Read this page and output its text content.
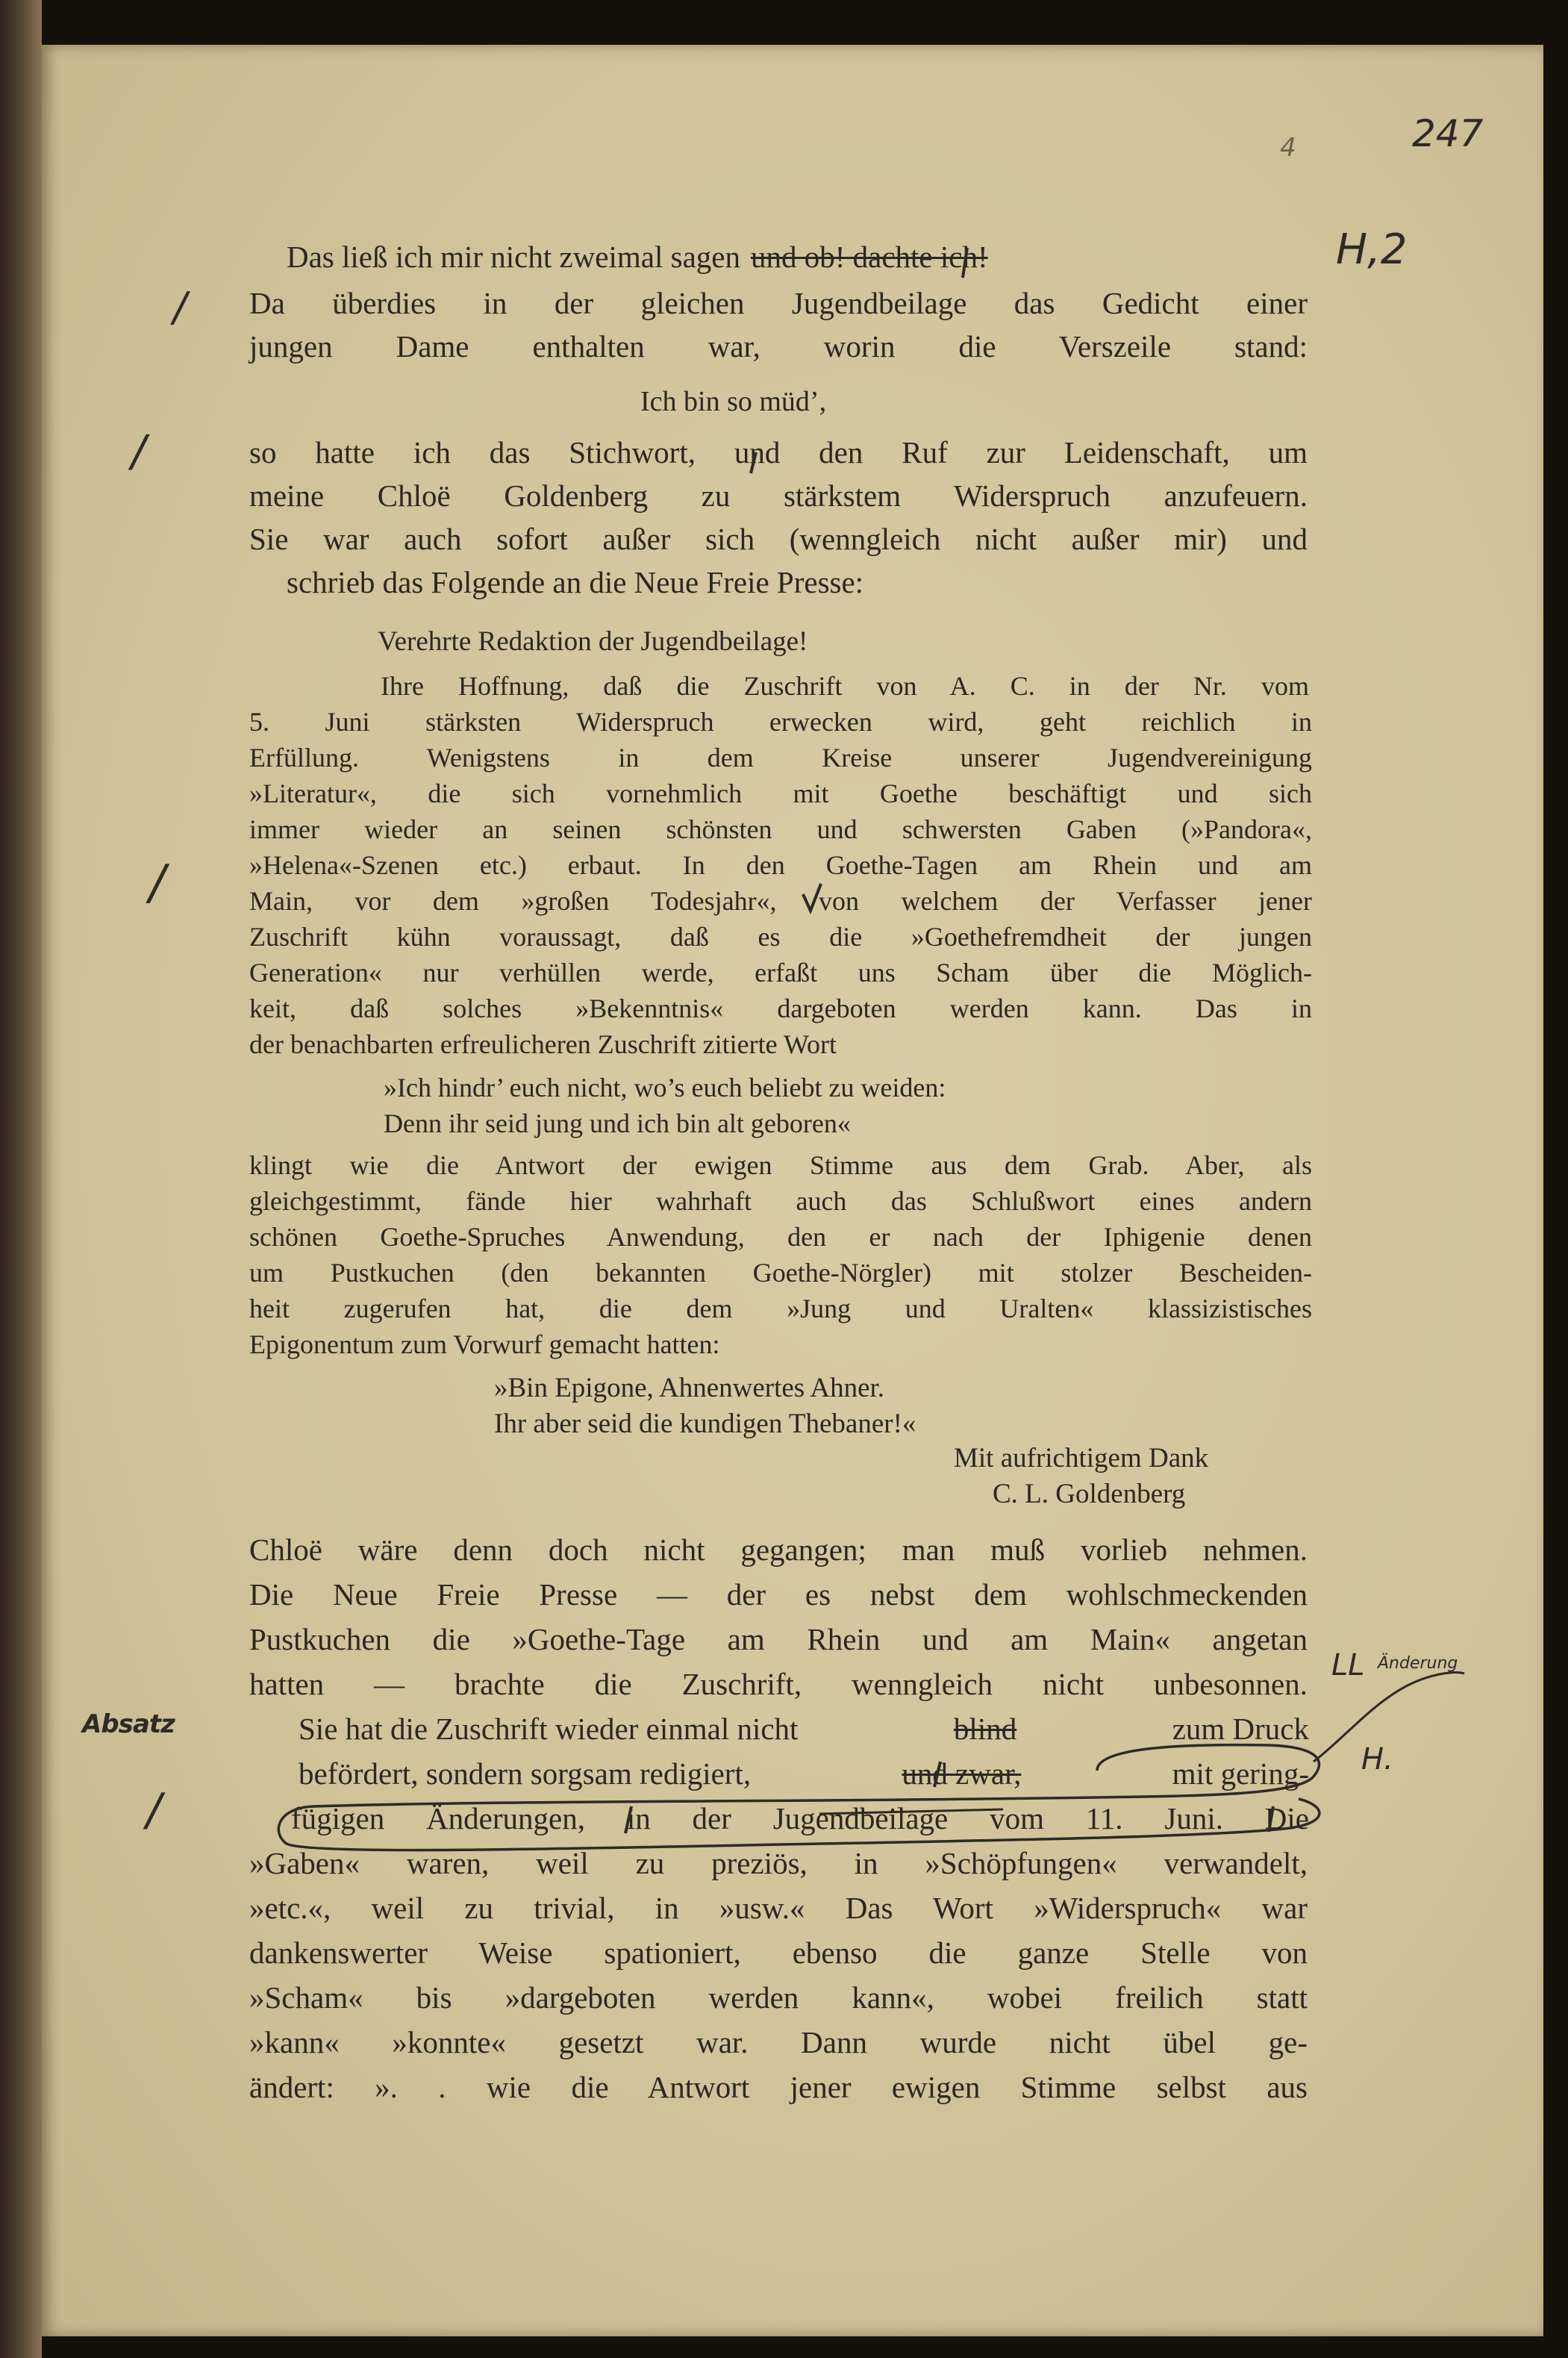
247
4
Das ließ ich mir nicht zweimal sagen und ob! dachte ich!
Da überdies in der gleichen Jugendbeilage das Gedicht einer
jungen Dame enthalten war, worin die Verszeile stand:
Ich bin so müd’,
so hatte ich das Stichwort, und den Ruf zur Leidenschaft, um
meine Chloë Goldenberg zu stärkstem Widerspruch anzufeuern.
Sie war auch sofort außer sich (wenngleich nicht außer mir) und
schrieb das Folgende an die Neue Freie Presse:
Verehrte Redaktion der Jugendbeilage!
Ihre Hoffnung, daß die Zuschrift von A. C. in der Nr. vom
5. Juni stärksten Widerspruch erwecken wird, geht reichlich in
Erfüllung. Wenigstens in dem Kreise unserer Jugendvereinigung
»Literatur«, die sich vornehmlich mit Goethe beschäftigt und sich
immer wieder an seinen schönsten und schwersten Gaben (»Pandora«,
»Helena«-Szenen etc.) erbaut. In den Goethe-Tagen am Rhein und am
Main, vor dem »großen Todesjahr«, von welchem der Verfasser jener
Zuschrift kühn voraussagt, daß es die »Goethefremdheit der jungen
Generation« nur verhüllen werde, erfaßt uns Scham über die Möglich-
keit, daß solches »Bekenntnis« dargeboten werden kann. Das in
der benachbarten erfreulicheren Zuschrift zitierte Wort
»Ich hindr’ euch nicht, wo’s euch beliebt zu weiden:
Denn ihr seid jung und ich bin alt geboren«
klingt wie die Antwort der ewigen Stimme aus dem Grab. Aber, als
gleichgestimmt, fände hier wahrhaft auch das Schlußwort eines andern
schönen Goethe-Spruches Anwendung, den er nach der Iphigenie denen
um Pustkuchen (den bekannten Goethe-Nörgler) mit stolzer Bescheiden-
heit zugerufen hat, die dem »Jung und Uralten« klassizistisches
Epigonentum zum Vorwurf gemacht hatten:
»Bin Epigone, Ahnenwertes Ahner.
Ihr aber seid die kundigen Thebaner!«
Mit aufrichtigem Dank
C. L. Goldenberg
Chloë wäre denn doch nicht gegangen; man muß vorlieb nehmen.
Die Neue Freie Presse — der es nebst dem wohlschmeckenden
Pustkuchen die »Goethe-Tage am Rhein und am Main« angetan
hatten — brachte die Zuschrift, wenngleich nicht unbesonnen.
Sie hat die Zuschrift wieder einmal nicht	blind	zum Druck
befördert, sondern sorgsam redigiert,	und zwar,	mit gering-
fügigen Änderungen, in der Jugendbeilage vom 11. Juni. Die
»Gaben« waren, weil zu preziös, in »Schöpfungen« verwandelt,
»etc.«, weil zu trivial, in »usw.« Das Wort »Widerspruch« war
dankenswerter Weise spationiert, ebenso die ganze Stelle von
»Scham« bis »dargeboten werden kann«, wobei freilich statt
»kann« »konnte« gesetzt war. Dann wurde nicht übel ge-
ändert: ». . wie die Antwort jener ewigen Stimme selbst aus
H,2
/
/
/
Absatz
/
LL
H.
Änderung
